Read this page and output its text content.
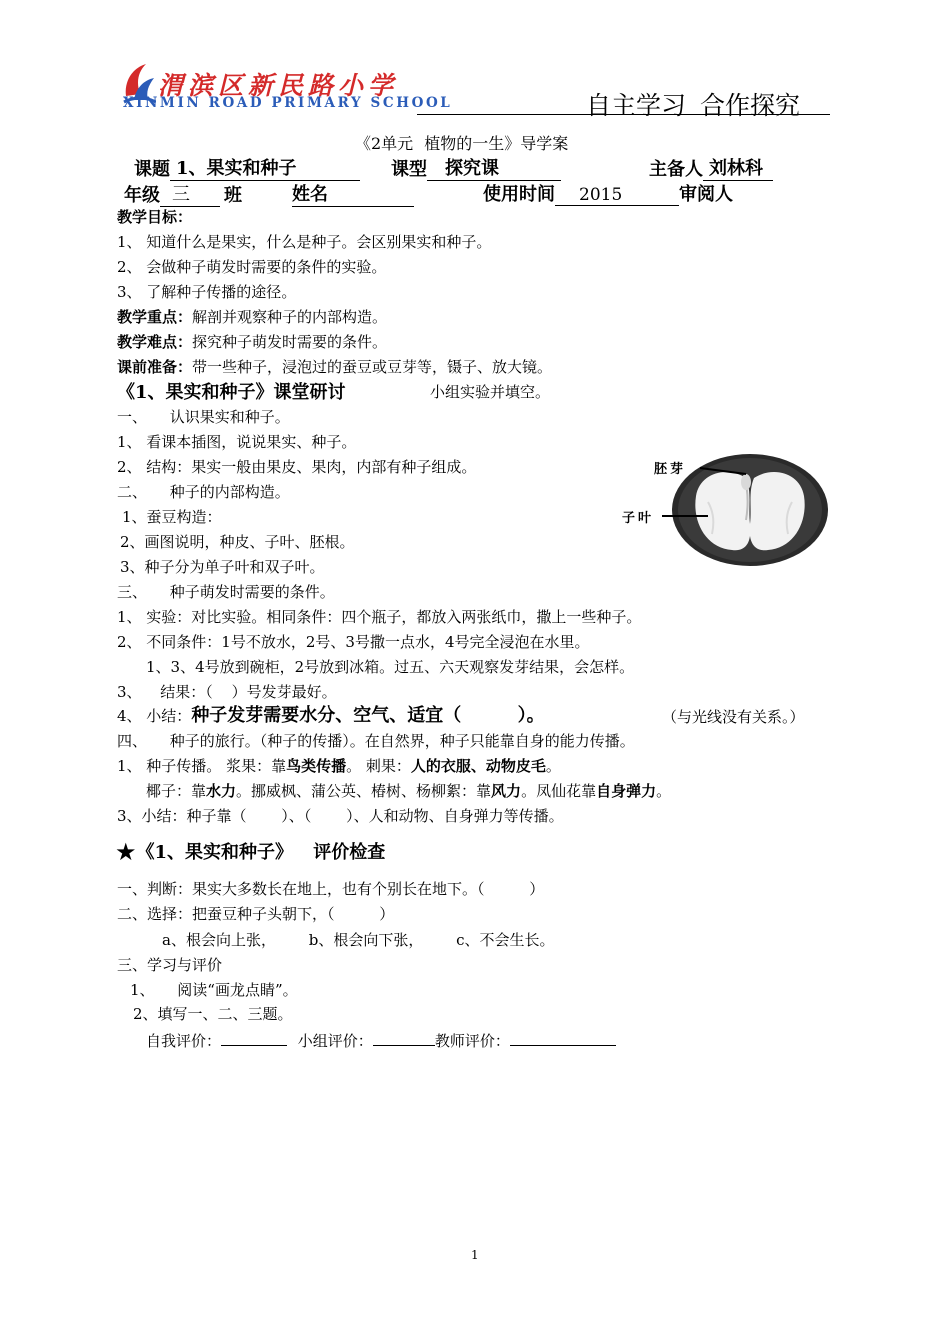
渭滨区新民路小学
XINMIN ROAD PRIMARY SCHOOL	自主学习 合作探究
《2单元 植物的一生》导学案
课题 1、果实和种子	课型 探究课	主备人 刘林科
年级 三 班	姓名	使用时间 2015	审阅人
教学目标：
1、 知道什么是果实，什么是种子。会区别果实和种子。
2、 会做种子萌发时需要的条件的实验。
3、 了解种子传播的途径。
教学重点：解剖并观察种子的内部构造。
教学难点：探究种子萌发时需要的条件。
课前准备：带一些种子，浸泡过的蚕豆或豆芽等，镊子、放大镜。
《1、果实和种子》课堂研讨	小组实验并填空。
一、 认识果实和种子。
1、 看课本插图，说说果实、种子。
2、 结构：果实一般由果皮、果肉，内部有种子组成。
二、 种子的内部构造。
1、蚕豆构造：
2、画图说明，种皮、子叶、胚根。
3、种子分为单子叶和双子叶。
胚芽
子叶
三、 种子萌发时需要的条件。
1、 实验：对比实验。相同条件：四个瓶子，都放入两张纸巾，撒上一些种子。
2、 不同条件：1号不放水，2号、3号撒一点水，4号完全浸泡在水里。
1、3、4号放到碗柜，2号放到冰箱。过五、六天观察发芽结果，会怎样。
3、 结果：（ ）号发芽最好。
4、 小结：种子发芽需要水分、空气、适宜（ ）。	（与光线没有关系。）
四、 种子的旅行。（种子的传播）。在自然界，种子只能靠自身的能力传播。
1、 种子传播。 浆果：靠鸟类传播。 刺果：人的衣服、动物皮毛。
椰子：靠水力。挪威枫、蒲公英、椿树、杨柳絮：靠风力。凤仙花靠自身弹力。
3、小结：种子靠（ ）、（ ）、人和动物、自身弹力等传播。
★《1、果实和种子》 评价检查
一、判断：果实大多数长在地上，也有个别长在地下。（ ）
二、选择：把蚕豆种子头朝下，（ ）
a、根会向上张， b、根会向下张， c、不会生长。
三、学习与评价
1、 阅读“画龙点睛”。
2、填写一、二、三题。
自我评价：	小组评价：	教师评价：
1
